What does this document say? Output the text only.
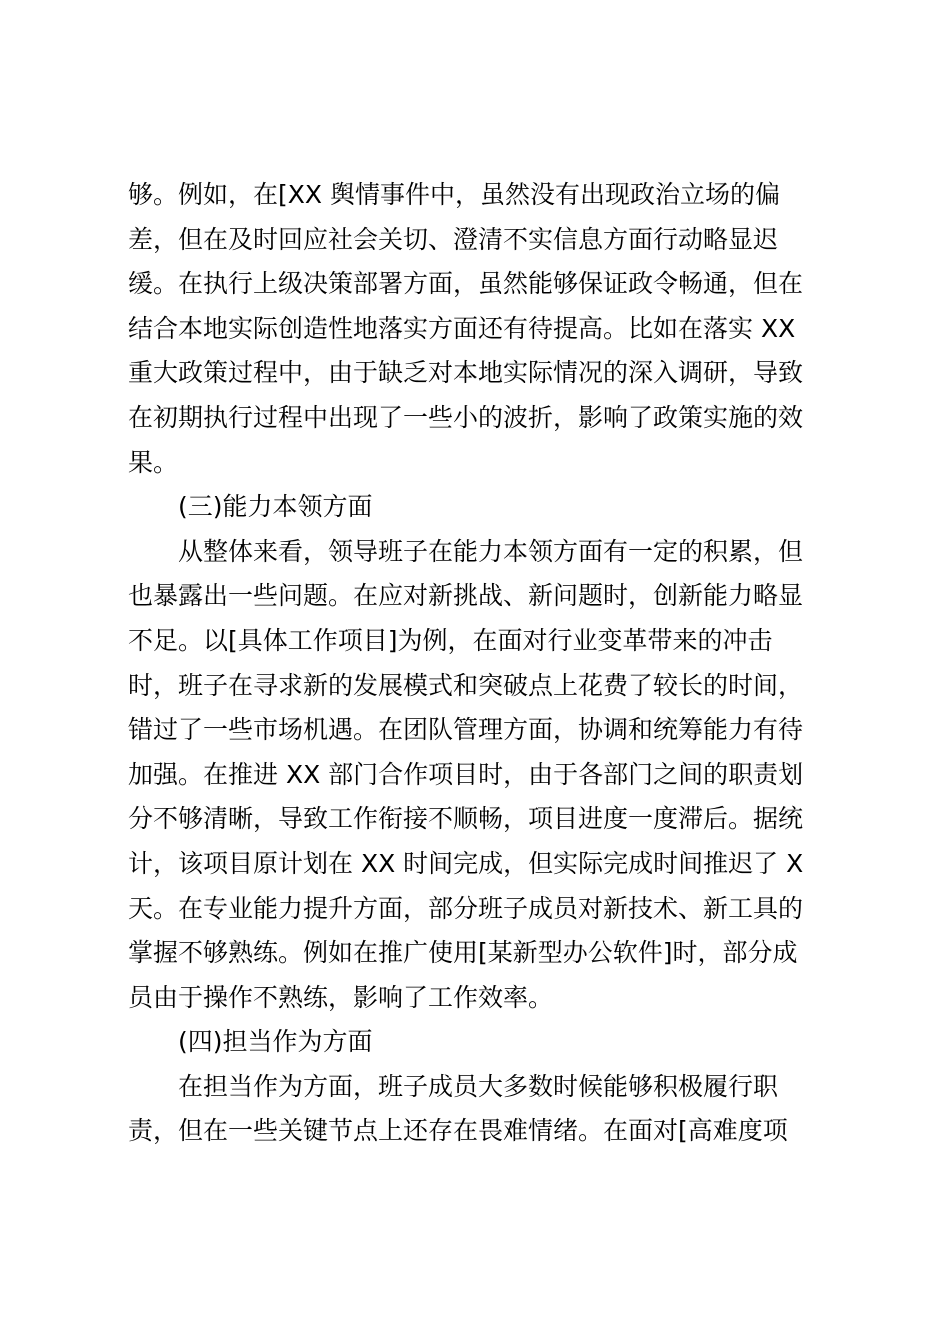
够。例如，在[XX 舆情事件中，虽然没有出现政治立场的偏
差，但在及时回应社会关切、澄清不实信息方面行动略显迟
缓。在执行上级决策部署方面，虽然能够保证政令畅通，但在
结合本地实际创造性地落实方面还有待提高。比如在落实 XX
重大政策过程中，由于缺乏对本地实际情况的深入调研，导致
在初期执行过程中出现了一些小的波折，影响了政策实施的效
果。
(三)能力本领方面
从整体来看，领导班子在能力本领方面有一定的积累，但
也暴露出一些问题。在应对新挑战、新问题时，创新能力略显
不足。以[具体工作项目]为例，在面对行业变革带来的冲击
时，班子在寻求新的发展模式和突破点上花费了较长的时间，
错过了一些市场机遇。在团队管理方面，协调和统筹能力有待
加强。在推进 XX 部门合作项目时，由于各部门之间的职责划
分不够清晰，导致工作衔接不顺畅，项目进度一度滞后。据统
计，该项目原计划在 XX 时间完成，但实际完成时间推迟了 X
天。在专业能力提升方面，部分班子成员对新技术、新工具的
掌握不够熟练。例如在推广使用[某新型办公软件]时，部分成
员由于操作不熟练，影响了工作效率。
(四)担当作为方面
在担当作为方面，班子成员大多数时候能够积极履行职
责，但在一些关键节点上还存在畏难情绪。在面对[高难度项
